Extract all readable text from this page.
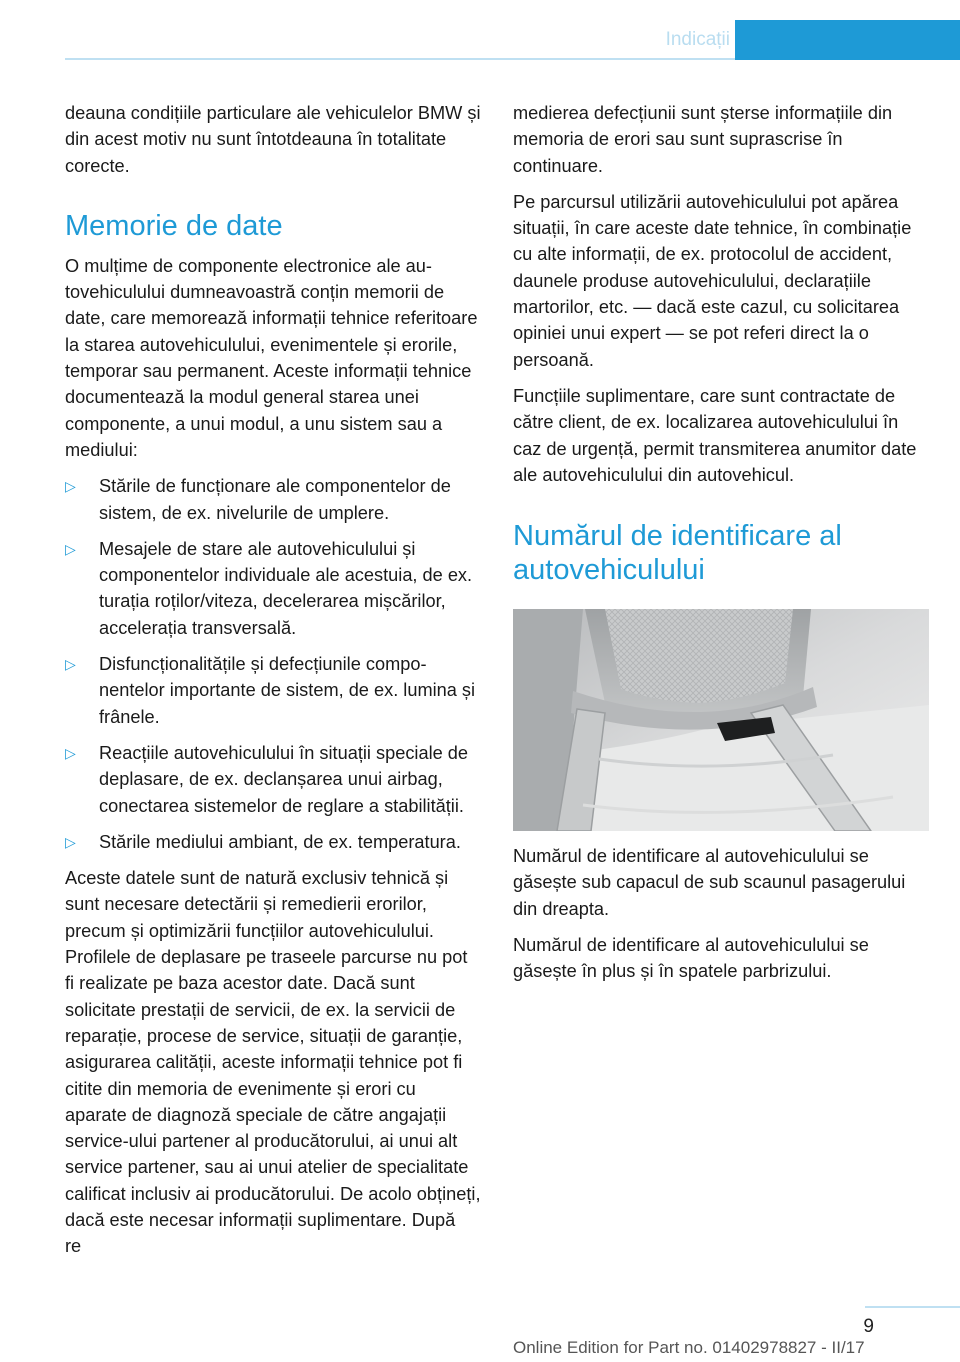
Indicații

deauna condițiile particulare ale vehiculelor BMW și din acest motiv nu sunt întotdeauna în totalitate corecte.

Memorie de date

O mulțime de componente electronice ale autovehiculului dumneavoastră conțin memorii de date, care memorează informații tehnice referitoare la starea autovehiculului, evenimentele și erorile, temporar sau permanent. Aceste informații tehnice documentează la modul general starea unei componente, a unui modul, a unu sistem sau a mediului:

▷ Stările de funcționare ale componentelor de sistem, de ex. nivelurile de umplere.
▷ Mesajele de stare ale autovehiculului și componentelor individuale ale acestuia, de ex. turația roților/viteza, decelerarea mișcărilor, accelerația transversală.
▷ Disfuncționalitățile și defecțiunile componentelor importante de sistem, de ex. lumina și frânele.
▷ Reacțiile autovehiculului în situații speciale de deplasare, de ex. declanșarea unui airbag, conectarea sistemelor de reglare a stabilității.
▷ Stările mediului ambiant, de ex. temperatura.

Aceste datele sunt de natură exclusiv tehnică și sunt necesare detectării și remedierii erorilor, precum și optimizării funcțiilor autovehiculului. Profilele de deplasare pe traseele parcurse nu pot fi realizate pe baza acestor date. Dacă sunt solicitate prestații de servicii, de ex. la servicii de reparație, procese de service, situații de garanție, asigurarea calității, aceste informații tehnice pot fi citite din memoria de evenimente și erori cu aparate de diagnoză speciale de către angajații service-ului partener al producătorului, ai unui alt service partener, sau ai unui atelier de specialitate calificat inclusiv ai producătorului. De acolo obțineți, dacă este necesar informații suplimentare. După re

medierea defecțiunii sunt șterse informațiile din memoria de erori sau sunt suprascrise în continuare.

Pe parcursul utilizării autovehiculului pot apărea situații, în care aceste date tehnice, în combinație cu alte informații, de ex. protocolul de accident, daunele produse autovehiculului, declarațiile martorilor, etc. — dacă este cazul, cu solicitarea opiniei unui expert — se pot referi direct la o persoană.

Funcțiile suplimentare, care sunt contractate de către client, de ex. localizarea autovehiculului în caz de urgență, permit transmiterea anumitor date ale autovehiculului din autovehicul.

Numărul de identificare al autovehiculului

Numărul de identificare al autovehiculului se găsește sub capacul de sub scaunul pasagerului din dreapta.

Numărul de identificare al autovehiculului se găsește în plus și în spatele parbrizului.

9
Online Edition for Part no. 01402978827 - II/17
